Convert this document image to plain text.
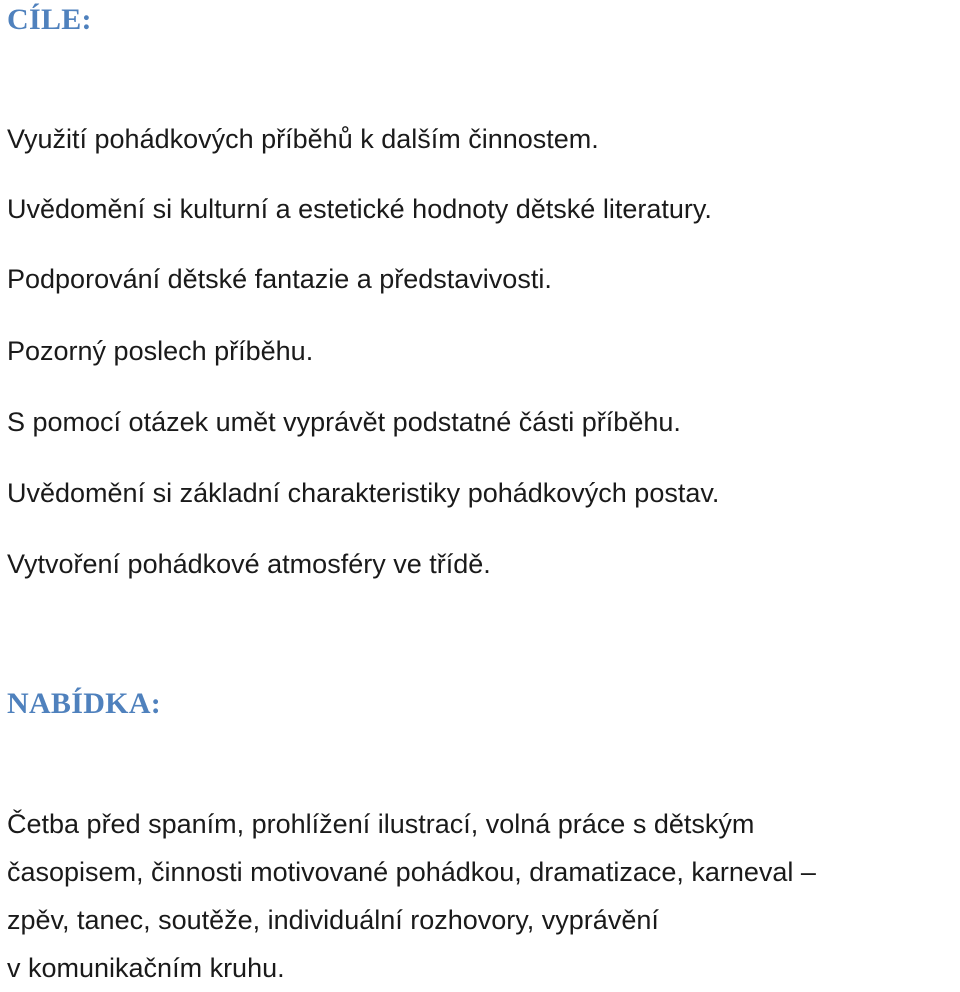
CÍLE:

Využití pohádkových příběhů k dalším činnostem.

Uvědomění si kulturní a estetické hodnoty dětské literatury.

Podporování dětské fantazie a představivosti.

Pozorný poslech příběhu.

S pomocí otázek umět vyprávět podstatné části příběhu.

Uvědomění si základní charakteristiky pohádkových postav.

Vytvoření pohádkové atmosféry ve třídě.

NABÍDKA:

Četba před spaním, prohlížení ilustrací, volná práce s dětským
časopisem, činnosti motivované pohádkou, dramatizace, karneval –
zpěv, tanec, soutěže, individuální rozhovory, vyprávění
v komunikačním kruhu.
